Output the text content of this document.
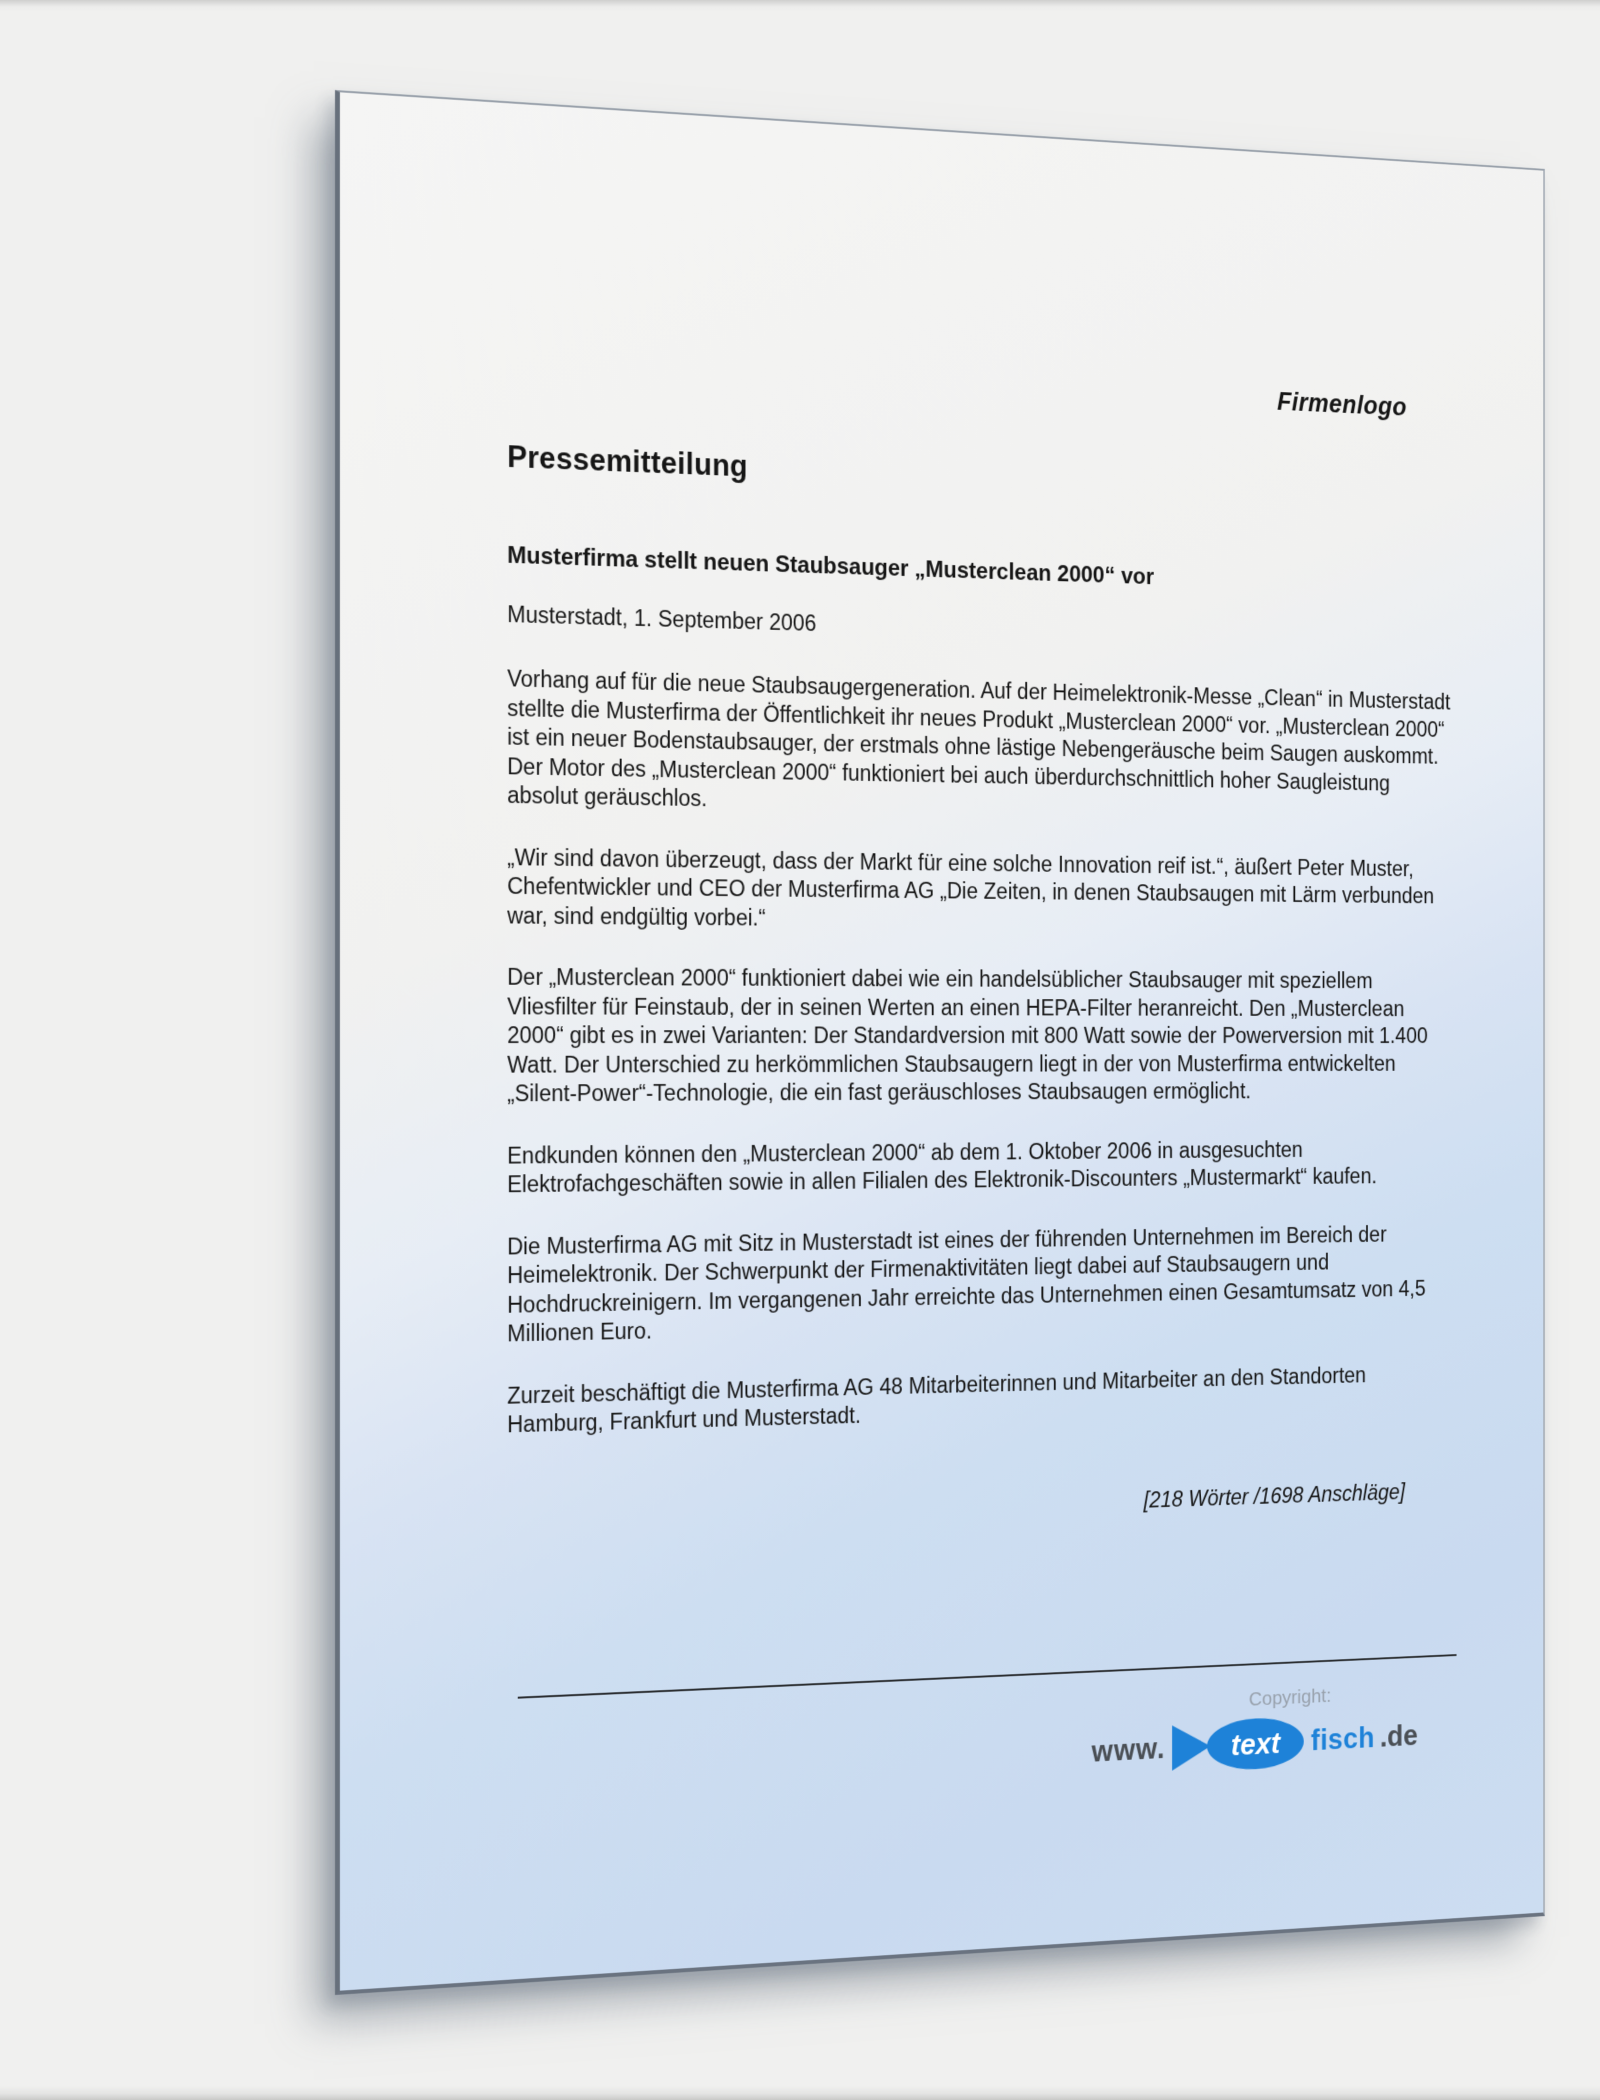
Firmenlogo
Pressemitteilung

Musterfirma stellt neuen Staubsauger „Musterclean 2000“ vor

Musterstadt, 1. September 2006

Vorhang auf für die neue Staubsaugergeneration. Auf der Heimelektronik-Messe „Clean“ in Musterstadt stellte die Musterfirma der Öffentlichkeit ihr neues Produkt „Musterclean 2000“ vor. „Musterclean 2000“ ist ein neuer Bodenstaubsauger, der erstmals ohne lästige Nebengeräusche beim Saugen auskommt. Der Motor des „Musterclean 2000“ funktioniert bei auch überdurchschnittlich hoher Saugleistung absolut geräuschlos.

„Wir sind davon überzeugt, dass der Markt für eine solche Innovation reif ist.“, äußert Peter Muster, Chefentwickler und CEO der Musterfirma AG „Die Zeiten, in denen Staubsaugen mit Lärm verbunden war, sind endgültig vorbei.“

Der „Musterclean 2000“ funktioniert dabei wie ein handelsüblicher Staubsauger mit speziellem Vliesfilter für Feinstaub, der in seinen Werten an einen HEPA-Filter heranreicht. Den „Musterclean 2000“ gibt es in zwei Varianten: Der Standardversion mit 800 Watt sowie der Powerversion mit 1.400 Watt. Der Unterschied zu herkömmlichen Staubsaugern liegt in der von Musterfirma entwickelten „Silent-Power“-Technologie, die ein fast geräuschloses Staubsaugen ermöglicht.

Endkunden können den „Musterclean 2000“ ab dem 1. Oktober 2006 in ausgesuchten Elektrofachgeschäften sowie in allen Filialen des Elektronik-Discounters „Mustermarkt“ kaufen.

Die Musterfirma AG mit Sitz in Musterstadt ist eines der führenden Unternehmen im Bereich der Heimelektronik. Der Schwerpunkt der Firmenaktivitäten liegt dabei auf Staubsaugern und Hochdruckreinigern. Im vergangenen Jahr erreichte das Unternehmen einen Gesamtumsatz von 4,5 Millionen Euro.

Zurzeit beschäftigt die Musterfirma AG 48 Mitarbeiterinnen und Mitarbeiter an den Standorten Hamburg, Frankfurt und Musterstadt.

[218 Wörter /1698 Anschläge]

Copyright:
www. text fisch .de
